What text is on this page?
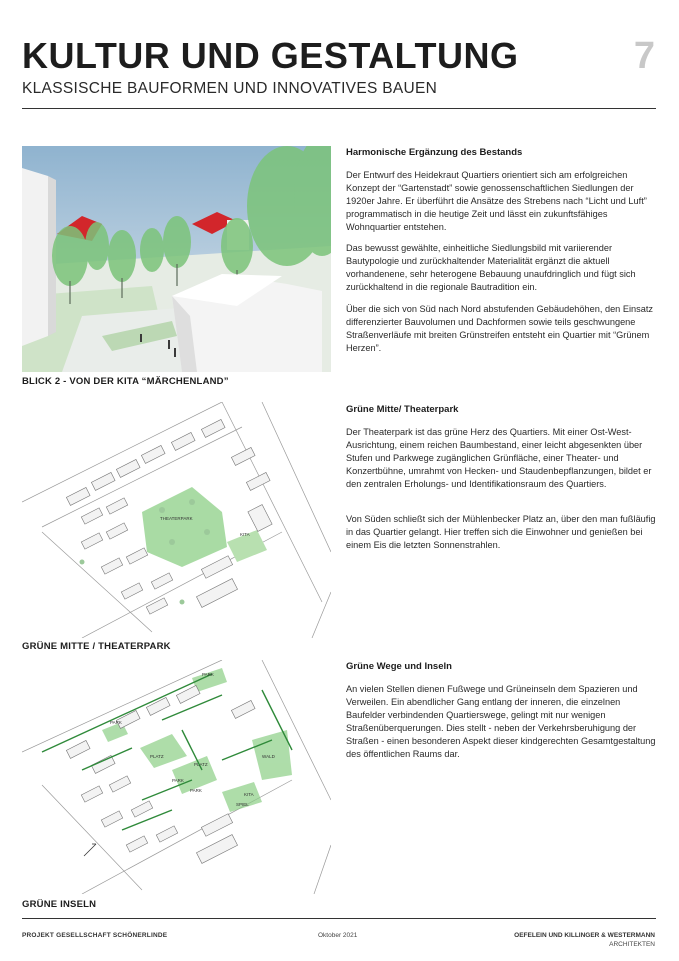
KULTUR UND GESTALTUNG	7
KLASSISCHE BAUFORMEN UND INNOVATIVES BAUEN
BLICK 2 - VON DER KITA “MÄRCHENLAND”
Harmonische Ergänzung des Bestands

Der Entwurf des Heidekraut Quartiers orientiert sich am erfolgreichen Konzept der “Gartenstadt” sowie genossenschaftlichen Siedlungen der 1920er Jahre. Er überführt die Ansätze des Strebens nach “Licht und Luft” programmatisch in die heutige Zeit und lässt ein zukunftsfähiges Wohnquartier entstehen.

Das bewusst gewählte, einheitliche Siedlungsbild mit variierender Bautypologie und zurückhaltender Materialität ergänzt die aktuell vorhandenene, sehr heterogene Bebauung unaufdringlich und fügt sich zurückhaltend in die regionale Bautradition ein.

Über die sich von Süd nach Nord abstufenden Gebäudehöhen, den Einsatz differenzierter Bauvolumen und Dachformen sowie teils geschwungene Straßenverläufe mit breiten Grünstreifen entsteht ein Quartier mit “Grünem Herzen”.

THEATERPARK
KITA
GRÜNE MITTE / THEATERPARK
Grüne Mitte/ Theaterpark

Der Theaterpark ist das grüne Herz des Quartiers. Mit einer Ost-West-Ausrichtung, einem reichen Baumbestand, einer leicht abgesenkten über Stufen und Parkwege zugänglichen Grünfläche, einer Theater- und Konzertbühne, umrahmt von Hecken- und Staudenbepflanzungen, bildet er den zentralen Erholungs- und Identifikationsraum des Quartiers.

Von Süden schließt sich der Mühlenbecker Platz an, über den man fußläufig in das Quartier gelangt. Hier treffen sich die Einwohner und genießen bei einem Eis die letzten Sonnenstrahlen.

PARK
PARK
PLATZ
PARK
PARK
PLATZ
WALD
KITA
SPIEL
GRÜNE INSELN
Grüne Wege und Inseln

An vielen Stellen dienen Fußwege und Grüneinseln dem Spazieren und Verweilen. Ein abendlicher Gang entlang der inneren, die einzelnen Baufelder verbindenden Quartierswege, gelingt mit nur wenigen Straßenüberquerungen. Dies stellt - neben der Verkehrsberuhigung der Straßen - einen besonderen Aspekt dieser kindgerechten Gesamtgestaltung des öffentlichen Raums dar.

PROJEKT GESELLSCHAFT SCHÖNERLINDE	Oktober 2021	OEFELEIN UND KILLINGER & WESTERMANN
ARCHITEKTEN
